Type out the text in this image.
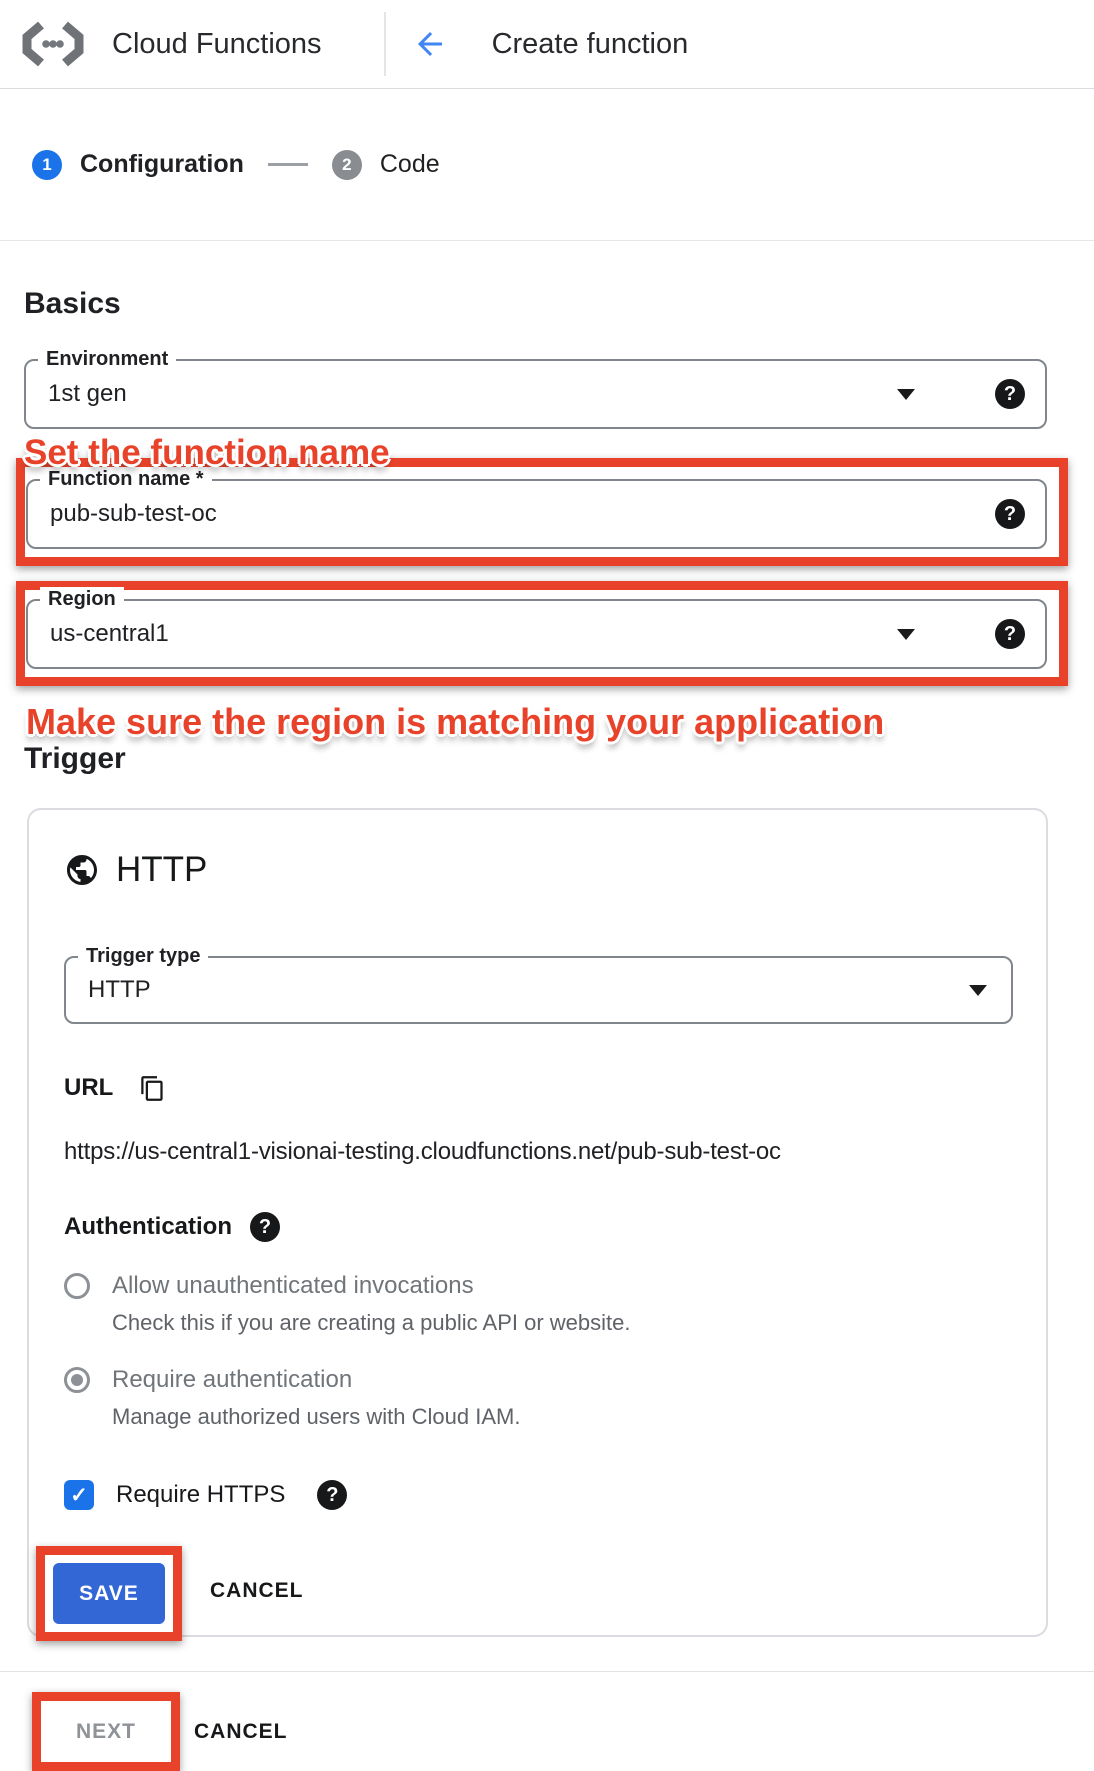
Cloud Functions	Create function
1	Configuration	2	Code
Basics
Environment
1st gen	?
Set the function name
Function name *
pub-sub-test-oc	?
Region
us-central1	?
Make sure the region is matching your application
Trigger
HTTP
Trigger type
HTTP
URL
https://us-central1-visionai-testing.cloudfunctions.net/pub-sub-test-oc
Authentication	?
Allow unauthenticated invocations
Check this if you are creating a public API or website.
Require authentication
Manage authorized users with Cloud IAM.
✓ Require HTTPS	?
SAVE	CANCEL
NEXT	CANCEL
